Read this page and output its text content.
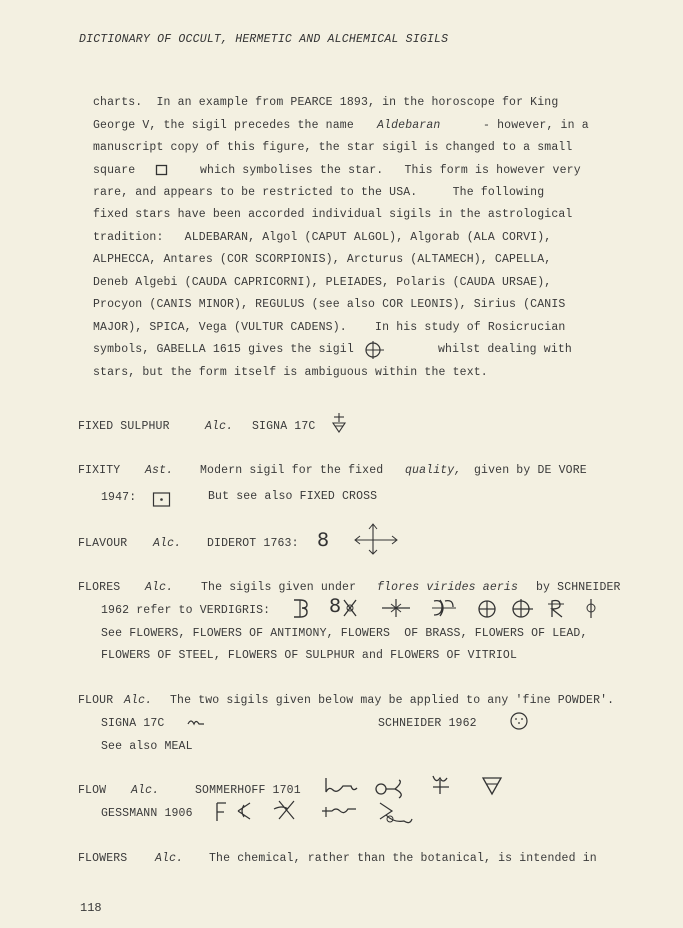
DICTIONARY OF OCCULT, HERMETIC AND ALCHEMICAL SIGILS
charts.  In an example from PEARCE 1893, in the horoscope for King
George V, the sigil precedes the name Aldebaran	- however, in a
manuscript copy of this figure, the star sigil is changed to a small
square	which symbolises the star.   This form is however very
rare, and appears to be restricted to the USA.     The following
fixed stars have been accorded individual sigils in the astrological
tradition:   ALDEBARAN, Algol (CAPUT ALGOL), Algorab (ALA CORVI),
ALPHECCA, Antares (COR SCORPIONIS), Arcturus (ALTAMECH), CAPELLA,
Deneb Algebi (CAUDA CAPRICORNI), PLEIADES, Polaris (CAUDA URSAE),
Procyon (CANIS MINOR), REGULUS (see also COR LEONIS), Sirius (CANIS
MAJOR), SPICA, Vega (VULTUR CADENS).    In his study of Rosicrucian
symbols, GABELLA 1615 gives the sigil	whilst dealing with
stars, but the form itself is ambiguous within the text.
FIXED SULPHUR	Alc. SIGNA 17C
FIXITY Ast. Modern sigil for the fixed quality, given by DE VORE
1947:	But see also FIXED CROSS
FLAVOUR Alc. DIDEROT 1763: 8
FLORES Alc. The sigils given under flores virides aeris by SCHNEIDER
1962 refer to VERDIGRIS:	8
See FLOWERS, FLOWERS OF ANTIMONY, FLOWERS  OF BRASS, FLOWERS OF LEAD,
FLOWERS OF STEEL, FLOWERS OF SULPHUR and FLOWERS OF VITRIOL
FLOUR Alc. The two sigils given below may be applied to any 'fine POWDER'.
SIGNA 17C	SCHNEIDER 1962
See also MEAL
FLOW Alc.	SOMMERHOFF 1701
GESSMANN 1906
FLOWERS Alc. The chemical, rather than the botanical, is intended in
118
